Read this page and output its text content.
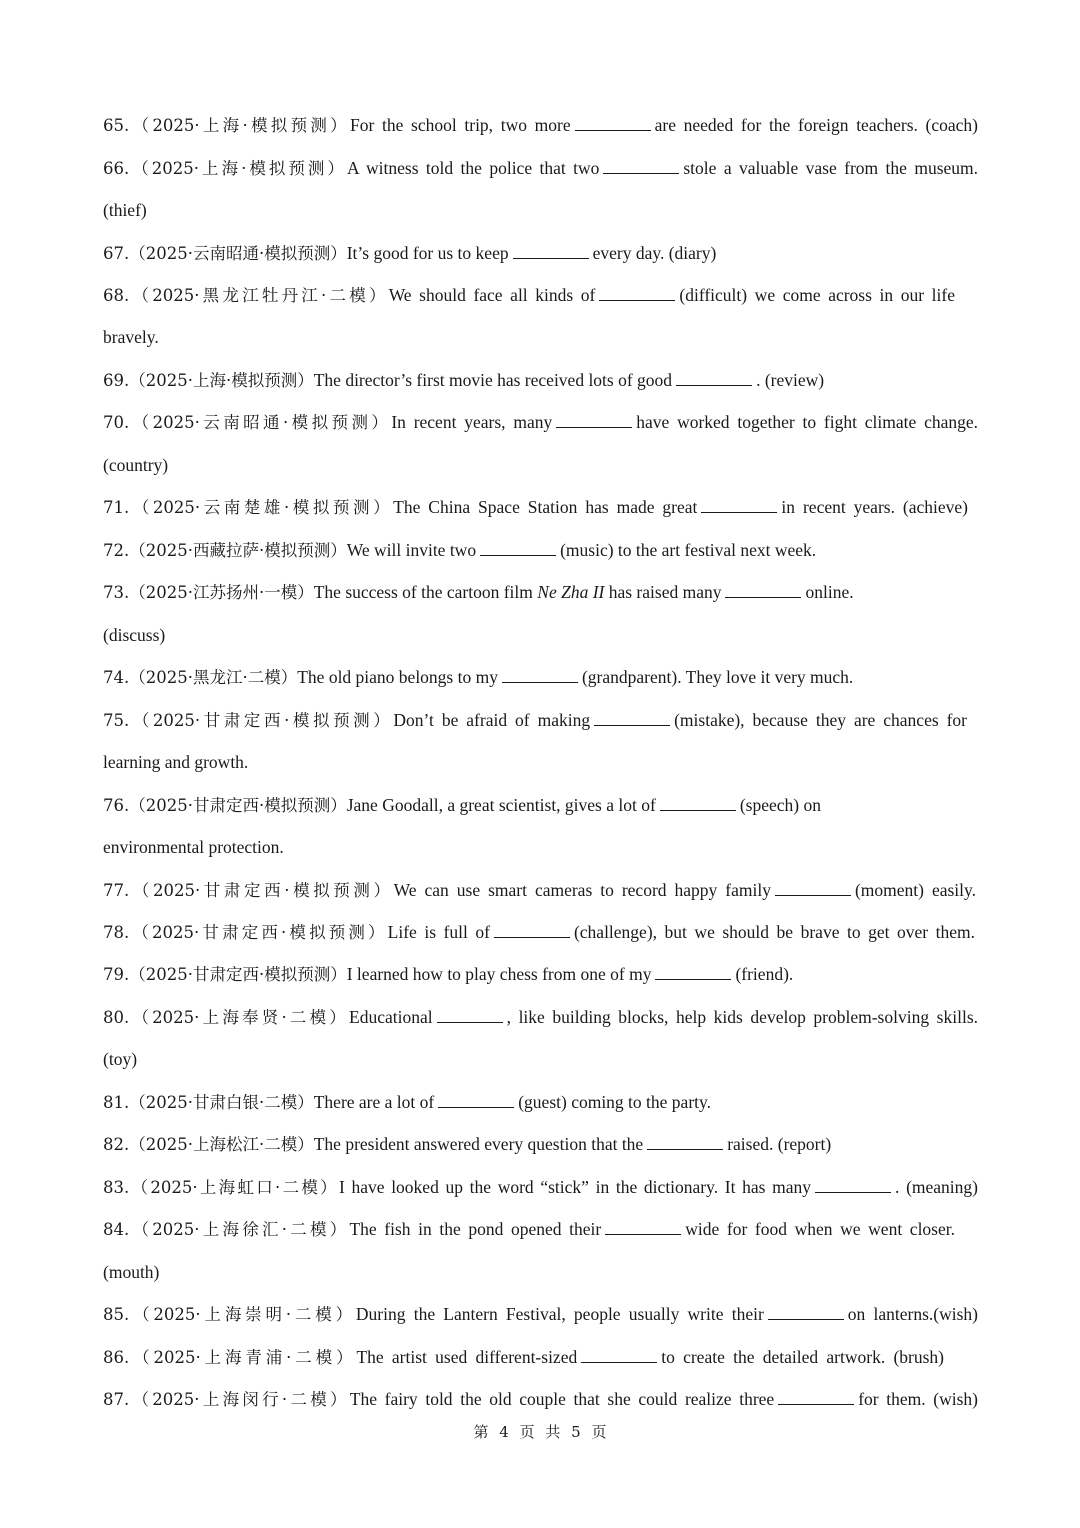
65.（2025·上海·模拟预测）For the school trip, two more	are needed for the foreign teachers. (coach)
66.（2025·上海·模拟预测）A witness told the police that two	stole a valuable vase from the museum.
(thief)
67.（2025·云南昭通·模拟预测）It’s good for us to keep	every day. (diary)
68.（2025·黑龙江牡丹江·二模）We should face all kinds of	(difficult) we come across in our life
bravely.
69.（2025·上海·模拟预测）The director’s first movie has received lots of good	. (review)
70.（2025·云南昭通·模拟预测）In recent years, many	have worked together to fight climate change.
(country)
71.（2025·云南楚雄·模拟预测）The China Space Station has made great	in recent years. (achieve)
72.（2025·西藏拉萨·模拟预测）We will invite two	(music) to the art festival next week.
73.（2025·江苏扬州·一模）The success of the cartoon film Ne Zha II has raised many	online.
(discuss)
74.（2025·黑龙江·二模）The old piano belongs to my	(grandparent). They love it very much.
75.（2025·甘肃定西·模拟预测）Don’t be afraid of making	(mistake), because they are chances for
learning and growth.
76.（2025·甘肃定西·模拟预测）Jane Goodall, a great scientist, gives a lot of	(speech) on
environmental protection.
77.（2025·甘肃定西·模拟预测）We can use smart cameras to record happy family	(moment) easily.
78.（2025·甘肃定西·模拟预测）Life is full of	(challenge), but we should be brave to get over them.
79.（2025·甘肃定西·模拟预测）I learned how to play chess from one of my	(friend).
80.（2025·上海奉贤·二模）Educational	, like building blocks, help kids develop problem-solving skills.
(toy)
81.（2025·甘肃白银·二模）There are a lot of	(guest) coming to the party.
82.（2025·上海松江·二模）The president answered every question that the	raised. (report)
83.（2025·上海虹口·二模）I have looked up the word “stick” in the dictionary. It has many	. (meaning)
84.（2025·上海徐汇·二模）The fish in the pond opened their	wide for food when we went closer.
(mouth)
85.（2025·上海崇明·二模）During the Lantern Festival, people usually write their	on lanterns.(wish)
86.（2025·上海青浦·二模）The artist used different-sized	to create the detailed artwork. (brush)
87.（2025·上海闵行·二模）The fairy told the old couple that she could realize three	for them. (wish)
第 4 页 共 5 页
